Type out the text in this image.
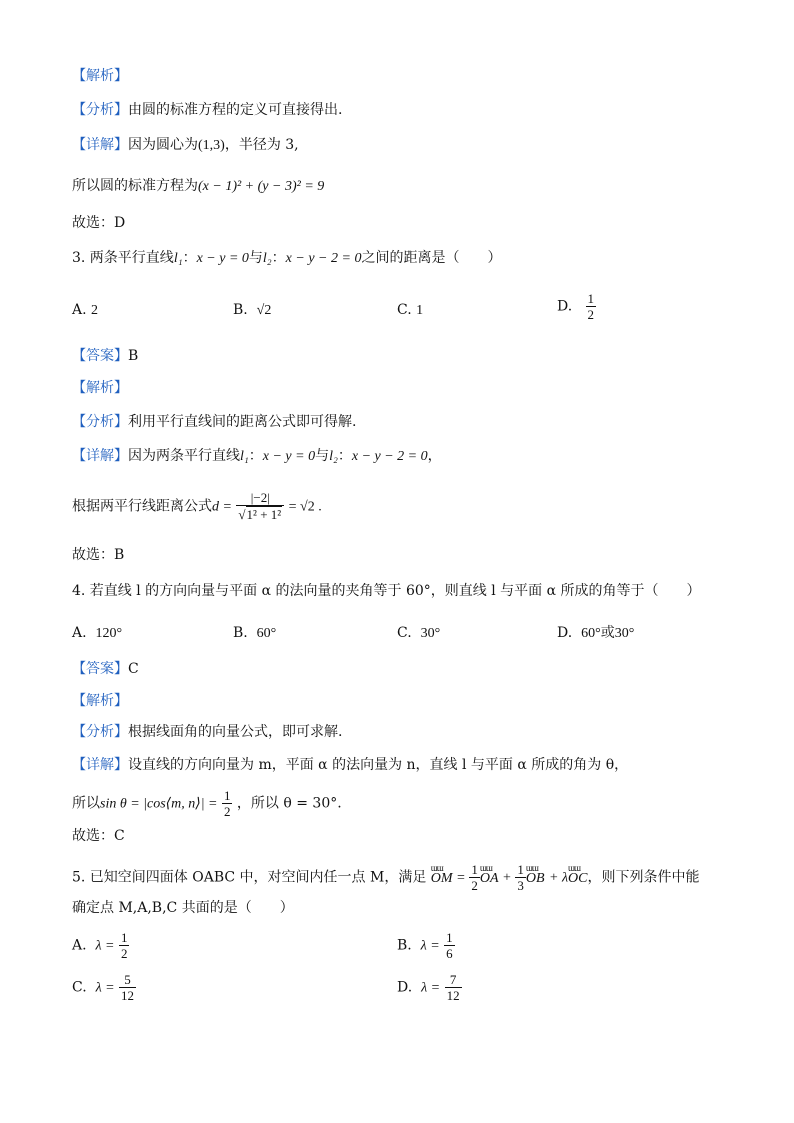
【解析】
【分析】由圆的标准方程的定义可直接得出.
【详解】因为圆心为(1,3)，半径为 3,
所以圆的标准方程为(x − 1)² + (y − 3)² = 9
故选：D
3. 两条平行直线l₁：x − y = 0与l₂：x − y − 2 = 0之间的距离是（　　）
A. 2	B. √2	C. 1	D. $\frac{1}{2}$
【答案】B
【解析】
【分析】利用平行直线间的距离公式即可得解.
【详解】因为两条平行直线l₁：x − y = 0与l₂：x − y − 2 = 0，
根据两平行线距离公式$d = \frac{|-2|}{\text{√1² + 1²}} = √2$ .
故选：B
4. 若直线 l 的方向向量与平面 α 的法向量的夹角等于 60°，则直线 l 与平面 α 所成的角等于（　　）
A. 120°	B. 60°	C. 30°	D. 60°或30°
【答案】C
【解析】
【分析】根据线面角的向量公式，即可求解.
【详解】设直线的方向向量为 m，平面 α 的法向量为 n，直线 l 与平面 α 所成的角为 θ，
所以sin θ = |cos⟨m, n⟩| = $\frac{1}{2}$ ，所以 θ = 30°.
故选：C
5. 已知空间四面体 OABC 中，对空间内任一点 M，满足
ɯɯ
OM = $\frac{1}{2}$ ɯɯ
OA + $\frac{1}{3}$ ɯɯ
OB + λ
ɯɯ
OC，则下列条件中能
确定点 M,A,B,C 共面的是（　　）
A. $\lambda = \frac{1}{2}$	B. $\lambda = \frac{1}{6}$
C. $\lambda = \frac{5}{12}$	D. $\lambda = \frac{7}{12}$
